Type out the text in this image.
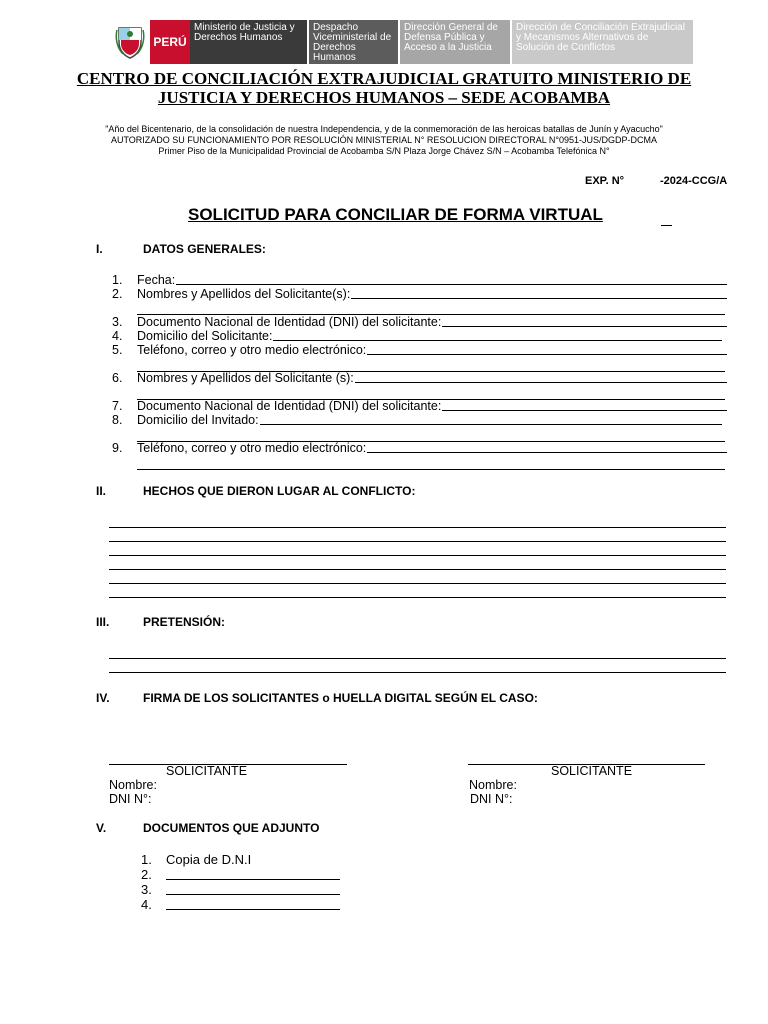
PERÚ
Ministerio de Justicia y Derechos Humanos
Despacho Viceministerial de Derechos Humanos
Dirección General de Defensa Pública y Acceso a la Justicia
Dirección de Conciliación Extrajudicial y Mecanismos Alternativos de Solución de Conflictos
CENTRO DE CONCILIACIÓN EXTRAJUDICIAL GRATUITO MINISTERIO DE
JUSTICIA Y DERECHOS HUMANOS – SEDE ACOBAMBA
"Año del Bicentenario, de la consolidación de nuestra Independencia, y de la conmemoración de las heroicas batallas de Junín y Ayacucho"
AUTORIZADO SU FUNCIONAMIENTO POR RESOLUCIÓN MINISTERIAL N° RESOLUCION DIRECTORAL N°0951-JUS/DGDP-DCMA
Primer Piso de la Municipalidad Provincial de Acobamba S/N Plaza Jorge Chávez S/N – Acobamba Telefónica N°
EXP. N°	-2024-CCG/A
SOLICITUD PARA CONCILIAR DE FORMA VIRTUAL
I.	DATOS GENERALES:
1.	Fecha:
2.	Nombres y Apellidos del Solicitante(s):
3.	Documento Nacional de Identidad (DNI) del solicitante:
4.	Domicilio del Solicitante:
5.	Teléfono, correo y otro medio electrónico:
6.	Nombres y Apellidos del Solicitante (s):
7.	Documento Nacional de Identidad (DNI) del solicitante:
8.	Domicilio del Invitado:
9.	Teléfono, correo y otro medio electrónico:
II.	HECHOS QUE DIERON LUGAR AL CONFLICTO:
III.	PRETENSIÓN:
IV.	FIRMA DE LOS SOLICITANTES o HUELLA DIGITAL SEGÚN EL CASO:
SOLICITANTE
Nombre:
DNI N°:
SOLICITANTE
Nombre:
DNI N°:
V.	DOCUMENTOS QUE ADJUNTO
1.	Copia de D.N.I
2.
3.
4.
